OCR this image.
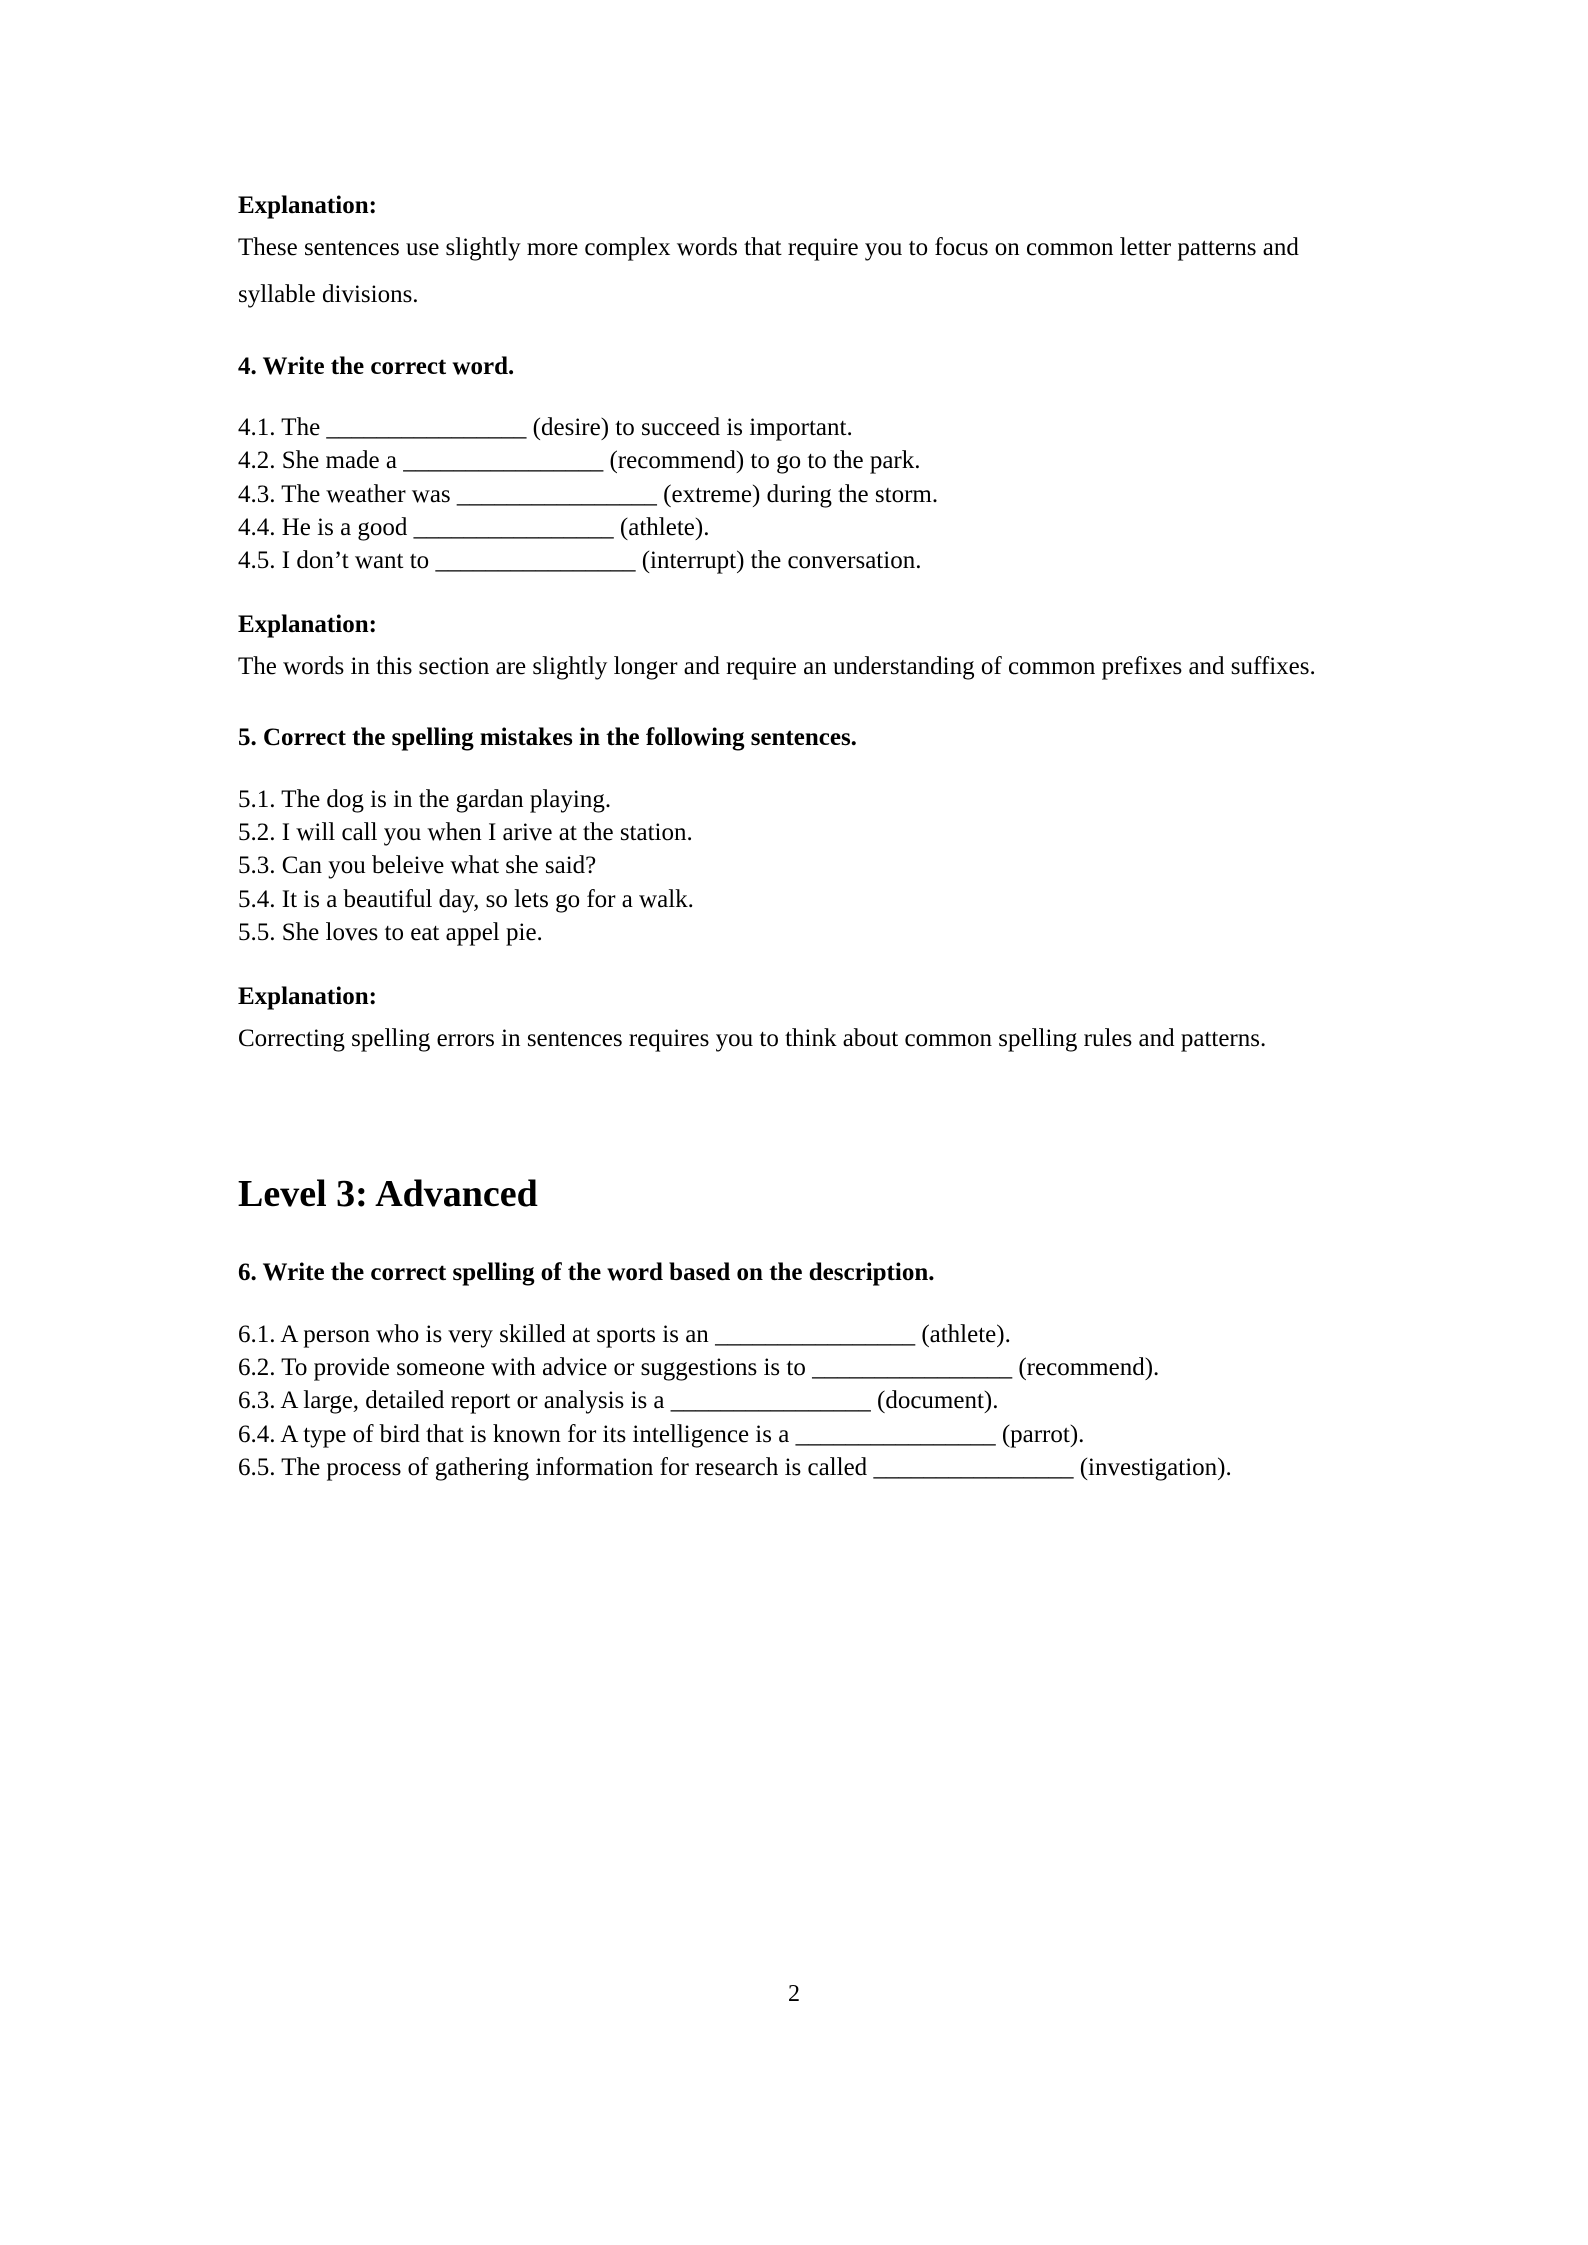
Explanation:

These sentences use slightly more complex words that require you to focus on common letter patterns and syllable divisions.

4. Write the correct word.

4.1. The ________________ (desire) to succeed is important.
4.2. She made a ________________ (recommend) to go to the park.
4.3. The weather was ________________ (extreme) during the storm.
4.4. He is a good ________________ (athlete).
4.5. I don’t want to ________________ (interrupt) the conversation.

Explanation:

The words in this section are slightly longer and require an understanding of common prefixes and suffixes.

5. Correct the spelling mistakes in the following sentences.

5.1. The dog is in the gardan playing.
5.2. I will call you when I arive at the station.
5.3. Can you beleive what she said?
5.4. It is a beautiful day, so lets go for a walk.
5.5. She loves to eat appel pie.

Explanation:

Correcting spelling errors in sentences requires you to think about common spelling rules and patterns.

Level 3: Advanced

6. Write the correct spelling of the word based on the description.

6.1. A person who is very skilled at sports is an ________________ (athlete).
6.2. To provide someone with advice or suggestions is to ________________ (recommend).
6.3. A large, detailed report or analysis is a ________________ (document).
6.4. A type of bird that is known for its intelligence is a ________________ (parrot).
6.5. The process of gathering information for research is called ________________ (investigation).
2
